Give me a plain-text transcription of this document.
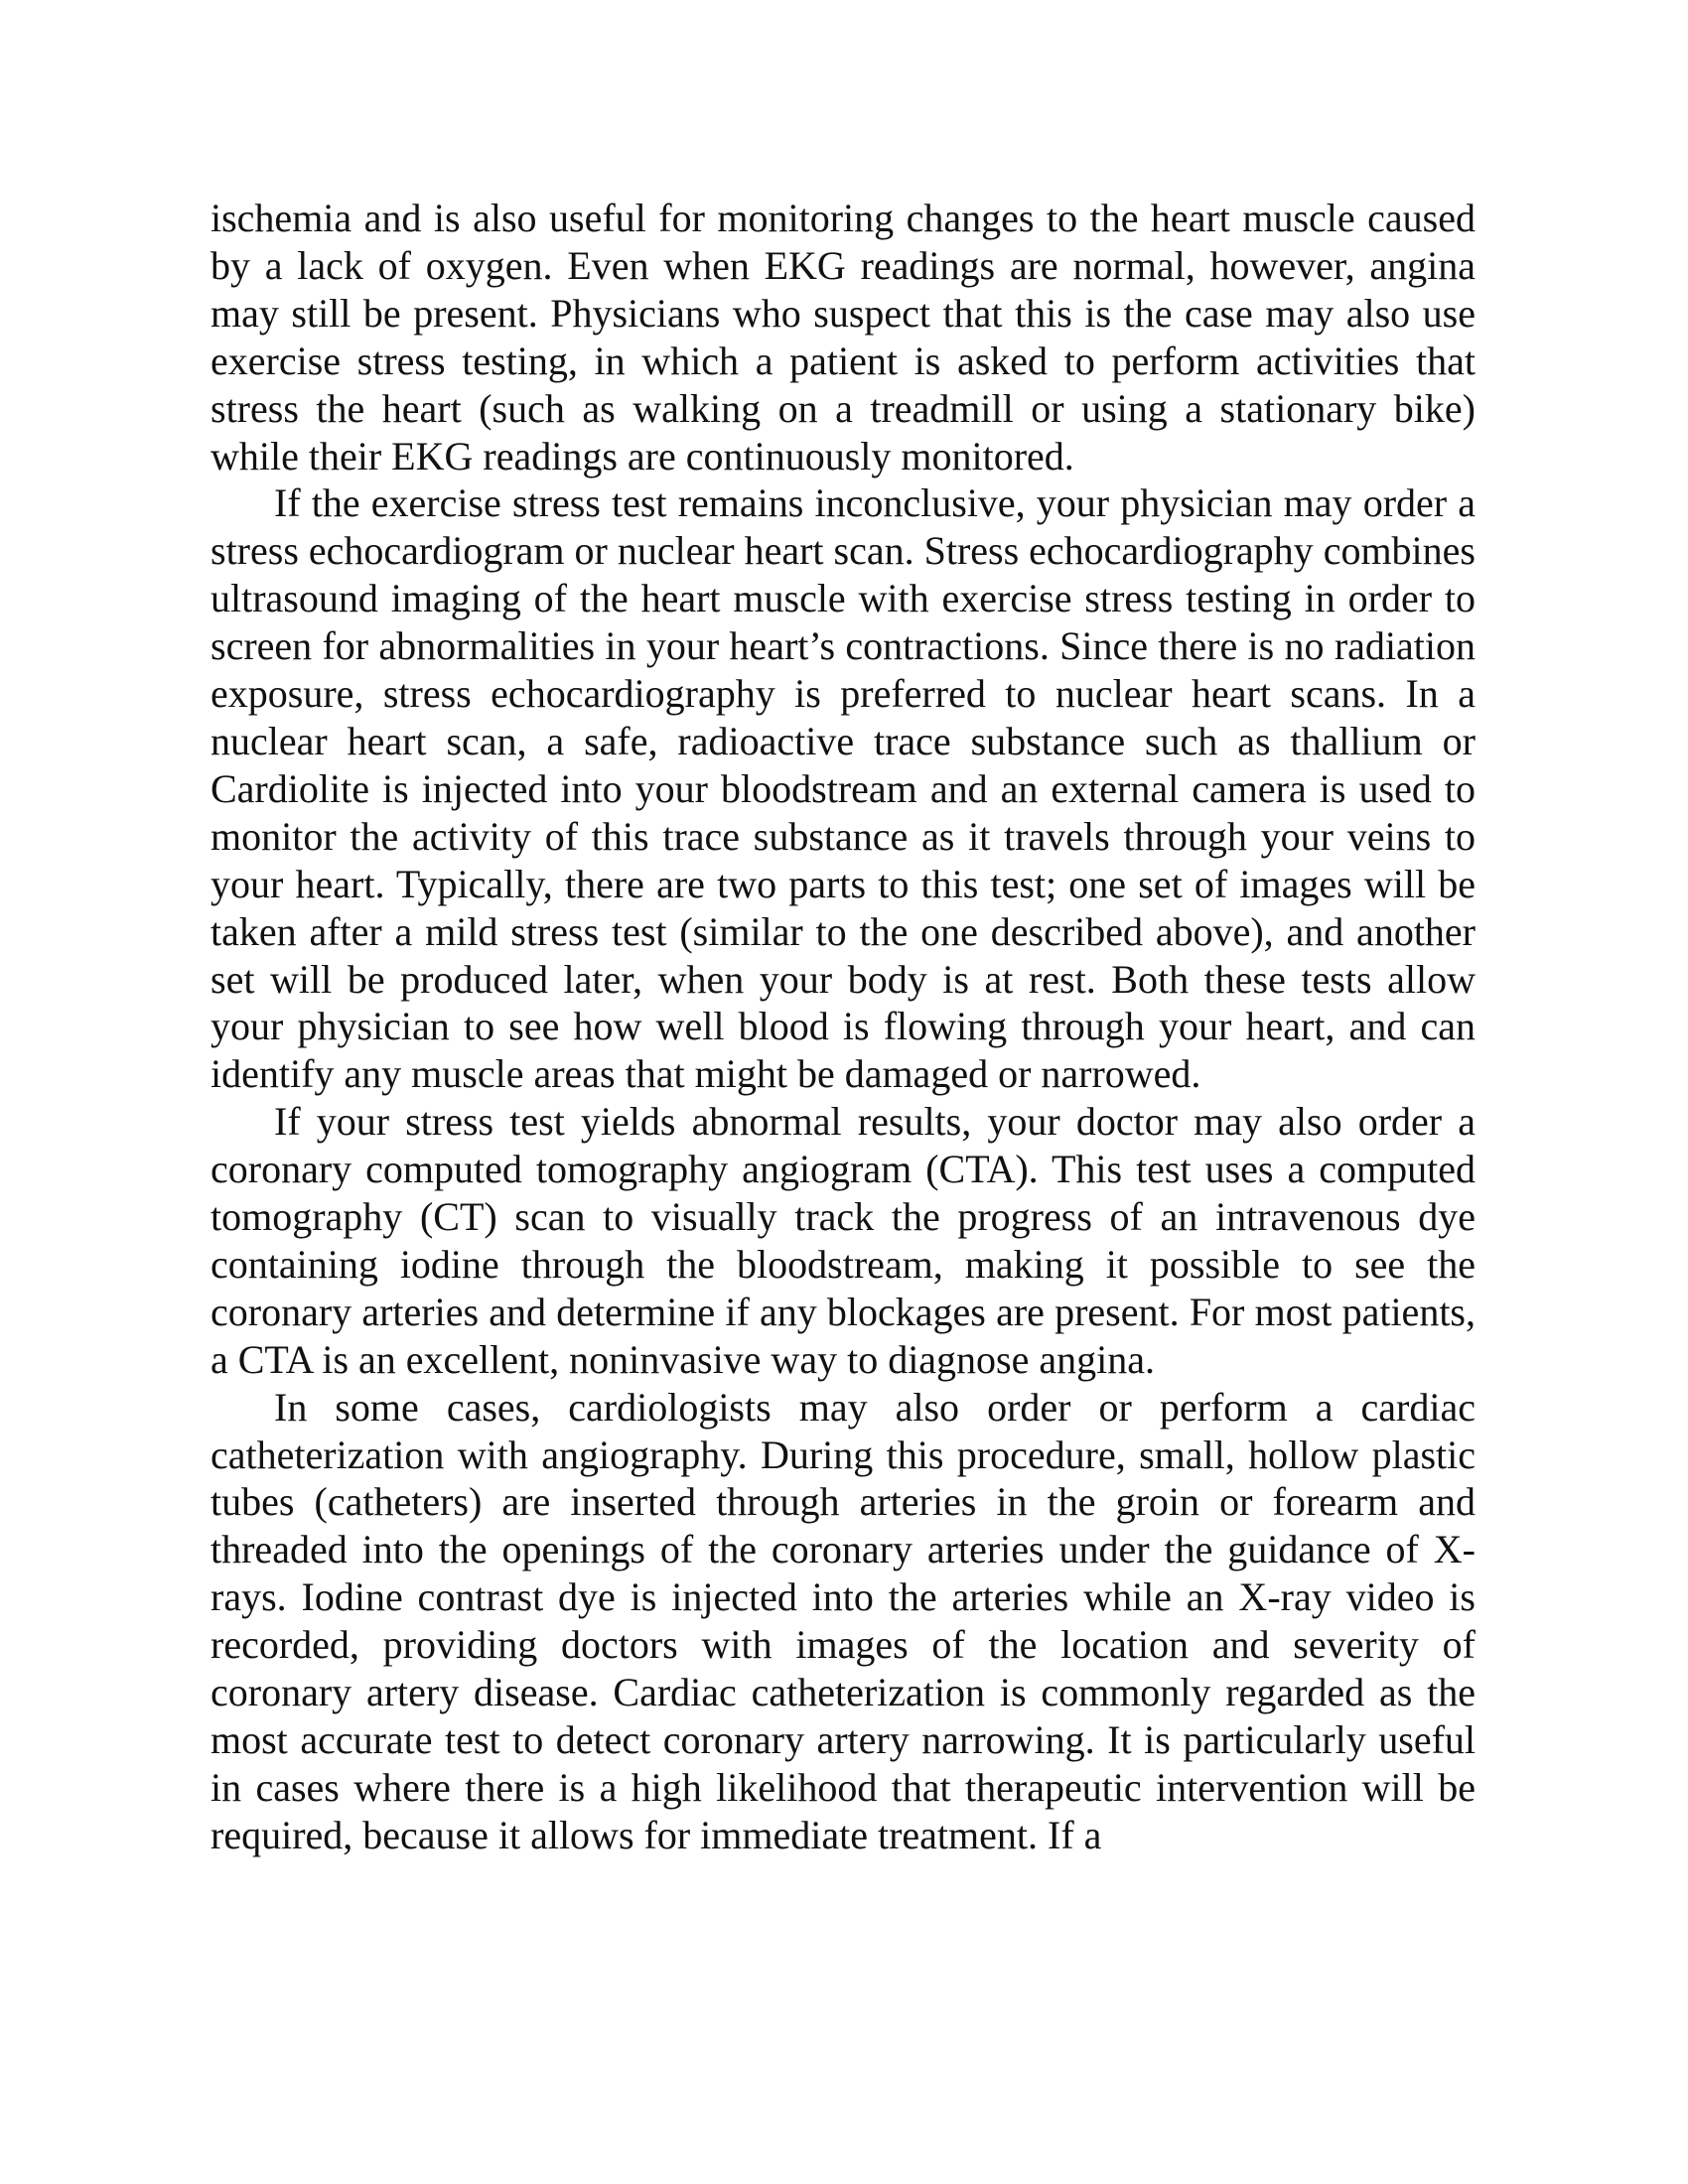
ischemia and is also useful for monitoring changes to the heart muscle caused by a lack of oxygen. Even when EKG readings are normal, however, angina may still be present. Physicians who suspect that this is the case may also use exercise stress testing, in which a patient is asked to perform activities that stress the heart (such as walking on a treadmill or using a stationary bike) while their EKG readings are continuously monitored.

If the exercise stress test remains inconclusive, your physician may order a stress echocardiogram or nuclear heart scan. Stress echocardiography combines ultrasound imaging of the heart muscle with exercise stress testing in order to screen for abnormalities in your heart’s contractions. Since there is no radiation exposure, stress echocardiography is preferred to nuclear heart scans. In a nuclear heart scan, a safe, radioactive trace substance such as thallium or Cardiolite is injected into your bloodstream and an external camera is used to monitor the activity of this trace substance as it travels through your veins to your heart. Typically, there are two parts to this test; one set of images will be taken after a mild stress test (similar to the one described above), and another set will be produced later, when your body is at rest. Both these tests allow your physician to see how well blood is flowing through your heart, and can identify any muscle areas that might be damaged or narrowed.

If your stress test yields abnormal results, your doctor may also order a coronary computed tomography angiogram (CTA). This test uses a computed tomography (CT) scan to visually track the progress of an intravenous dye containing iodine through the bloodstream, making it possible to see the coronary arteries and determine if any blockages are present. For most patients, a CTA is an excellent, noninvasive way to diagnose angina.

In some cases, cardiologists may also order or perform a cardiac catheterization with angiography. During this procedure, small, hollow plastic tubes (catheters) are inserted through arteries in the groin or forearm and threaded into the openings of the coronary arteries under the guidance of X-rays. Iodine contrast dye is injected into the arteries while an X-ray video is recorded, providing doctors with images of the location and severity of coronary artery disease. Cardiac catheterization is commonly regarded as the most accurate test to detect coronary artery narrowing. It is particularly useful in cases where there is a high likelihood that therapeutic intervention will be required, because it allows for immediate treatment. If a
